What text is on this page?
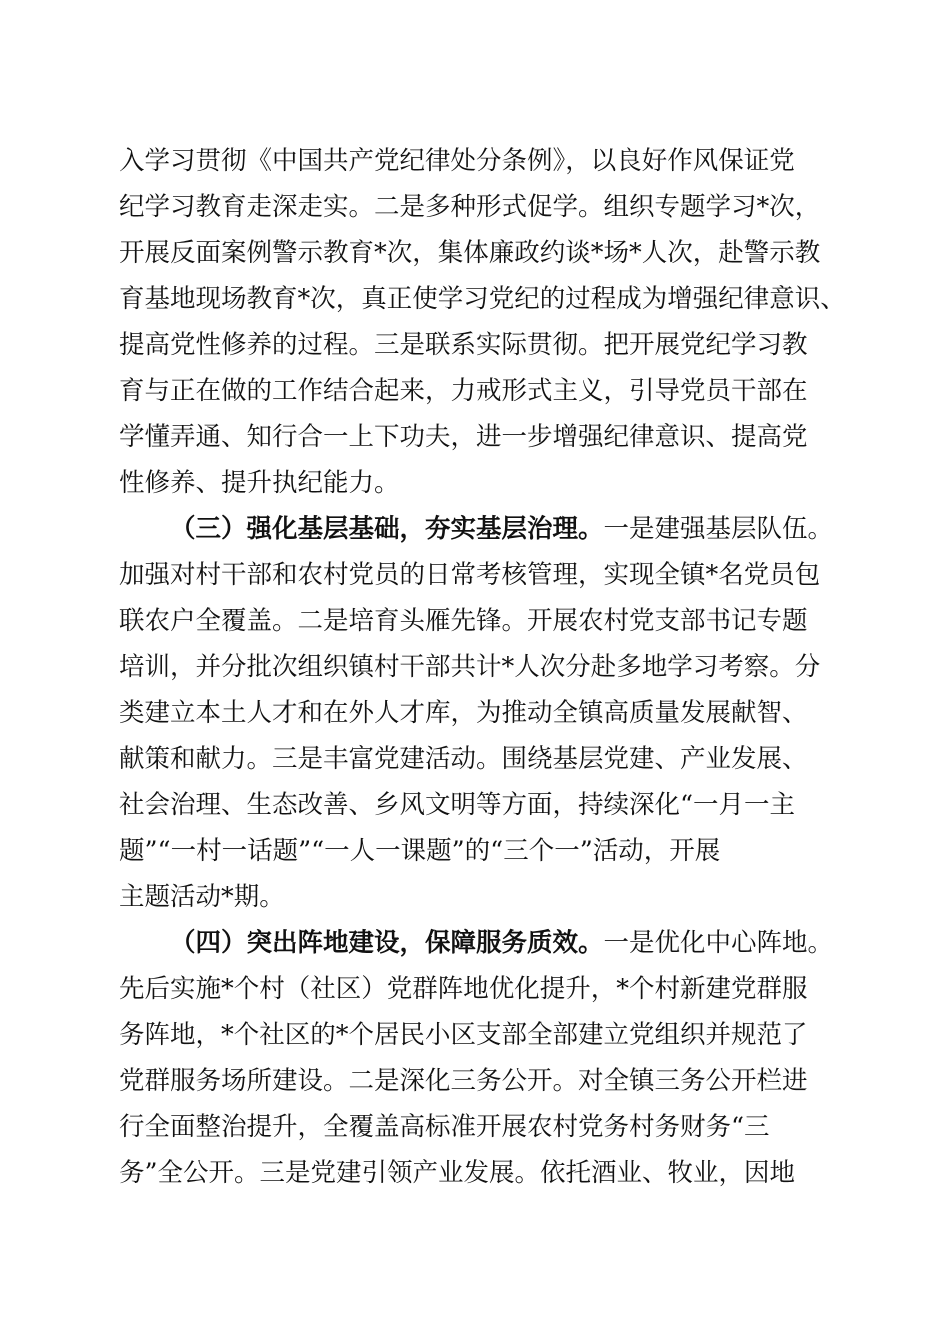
入学习贯彻《中国共产党纪律处分条例》，以良好作风保证党
纪学习教育走深走实。二是多种形式促学。组织专题学习*次，
开展反面案例警示教育*次，集体廉政约谈*场*人次，赴警示教
育基地现场教育*次，真正使学习党纪的过程成为增强纪律意识、
提高党性修养的过程。三是联系实际贯彻。把开展党纪学习教
育与正在做的工作结合起来，力戒形式主义，引导党员干部在
学懂弄通、知行合一上下功夫，进一步增强纪律意识、提高党
性修养、提升执纪能力。
（三）强化基层基础，夯实基层治理。一是建强基层队伍。
加强对村干部和农村党员的日常考核管理，实现全镇*名党员包
联农户全覆盖。二是培育头雁先锋。开展农村党支部书记专题
培训，并分批次组织镇村干部共计*人次分赴多地学习考察。分
类建立本土人才和在外人才库，为推动全镇高质量发展献智、
献策和献力。三是丰富党建活动。围绕基层党建、产业发展、
社会治理、生态改善、乡风文明等方面，持续深化“一月一主
题”“一村一话题”“一人一课题”的“三个一”活动，开展
主题活动*期。
（四）突出阵地建设，保障服务质效。一是优化中心阵地。
先后实施*个村（社区）党群阵地优化提升，*个村新建党群服
务阵地，*个社区的*个居民小区支部全部建立党组织并规范了
党群服务场所建设。二是深化三务公开。对全镇三务公开栏进
行全面整治提升，全覆盖高标准开展农村党务村务财务“三
务”全公开。三是党建引领产业发展。依托酒业、牧业，因地
